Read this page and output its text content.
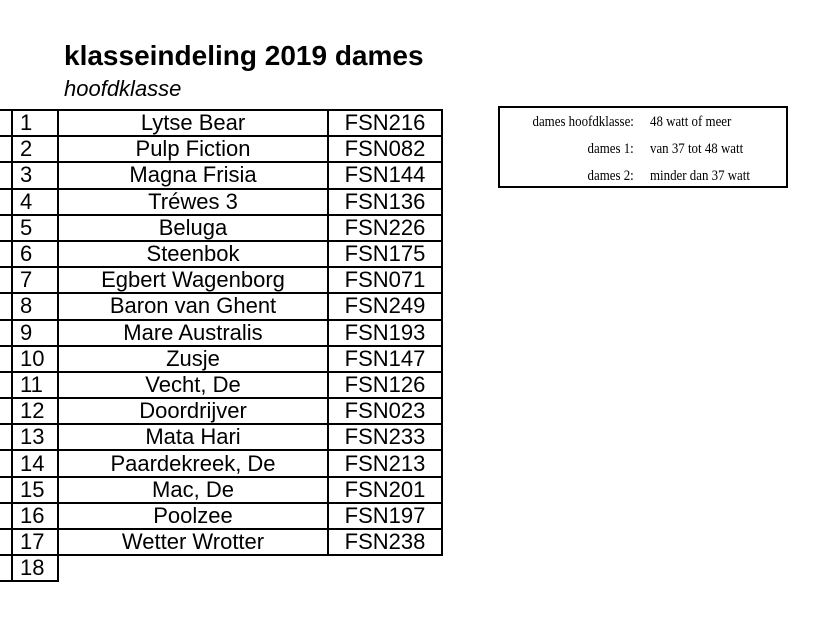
klasseindeling 2019 dames
hoofdklasse
	1	Lytse Bear	FSN216
	2	Pulp Fiction	FSN082
	3	Magna Frisia	FSN144
	4	Tréwes 3	FSN136
	5	Beluga	FSN226
	6	Steenbok	FSN175
	7	Egbert Wagenborg	FSN071
	8	Baron van Ghent	FSN249
	9	Mare Australis	FSN193
	10	Zusje	FSN147
	11	Vecht, De	FSN126
	12	Doordrijver	FSN023
	13	Mata Hari	FSN233
	14	Paardekreek, De	FSN213
	15	Mac, De	FSN201
	16	Poolzee	FSN197
	17	Wetter Wrotter	FSN238
	18		
dames hoofdklasse: 48 watt of meer
dames 1: van 37 tot 48 watt
dames 2: minder dan 37 watt
